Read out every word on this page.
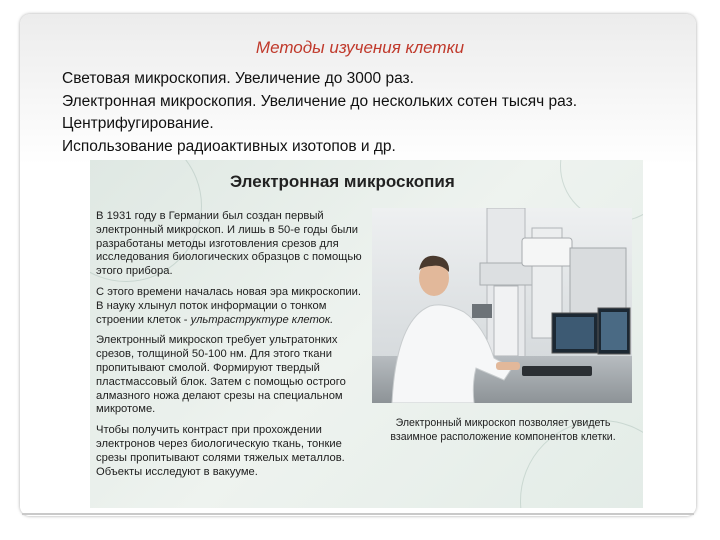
Методы изучения клетки
Световая микроскопия. Увеличение до 3000 раз.
Электронная микроскопия. Увеличение до нескольких сотен тысяч раз.
Центрифугирование.
Использование радиоактивных изотопов и др.
Электронная микроскопия

В 1931 году в Германии был создан первый электронный микроскоп. И лишь в 50-е годы были разработаны методы изготовления срезов для исследования биологических образцов с помощью этого прибора.

С этого времени началась новая эра микроскопии. В науку хлынул поток информации о тонком строении клеток - ультраструктуре клеток.

Электронный микроскоп требует ультратонких срезов, толщиной 50-100 нм. Для этого ткани пропитывают смолой. Формируют твердый пластмассовый блок. Затем с помощью острого алмазного ножа делают срезы на специальном микротоме.

Чтобы получить контраст при прохождении электронов через биологическую ткань, тонкие срезы пропитывают солями тяжелых металлов. Объекты исследуют в вакууме.

Электронный микроскоп позволяет увидеть взаимное расположение компонентов клетки.
